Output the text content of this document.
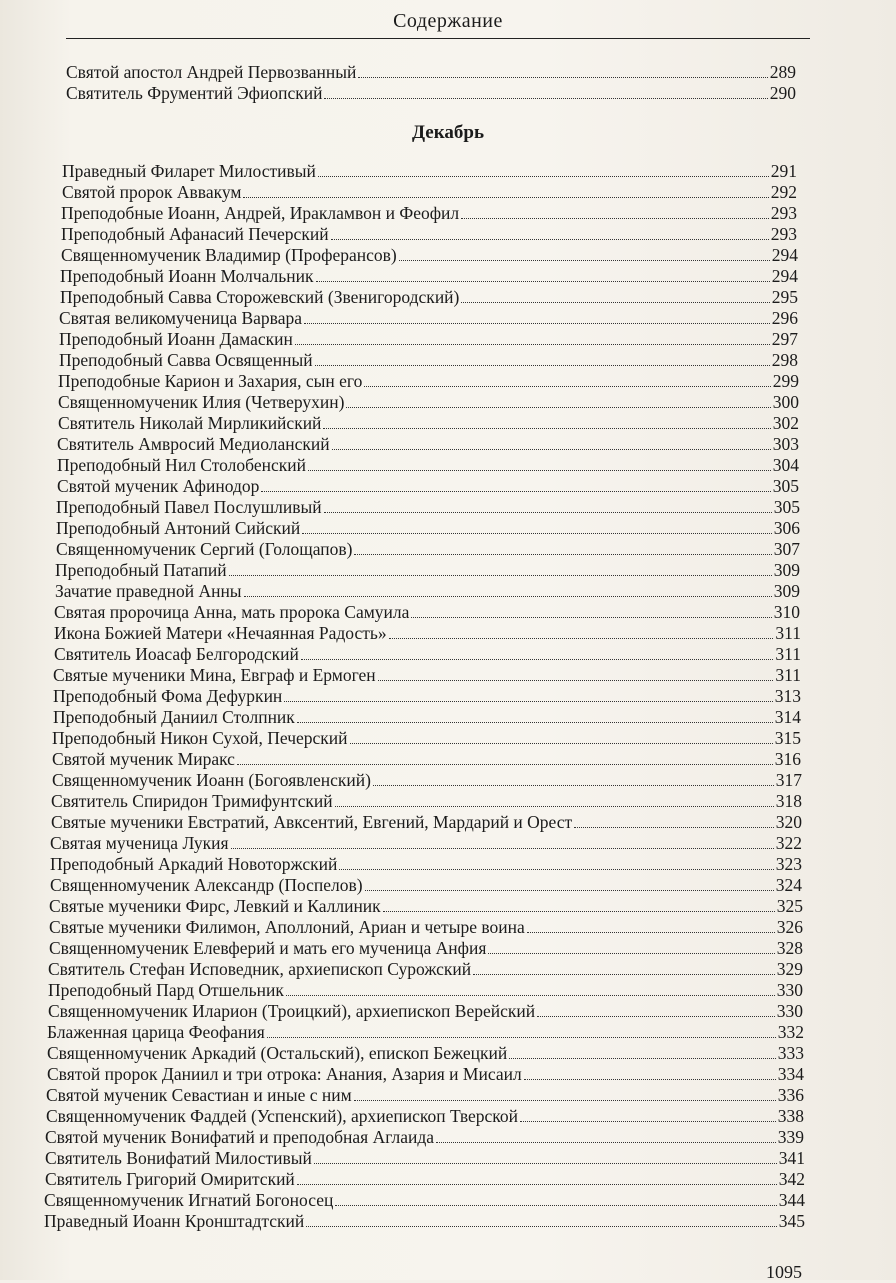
Содержание
Декабрь
Святой апостол Андрей Первозванный	289
Святитель Фрументий Эфиопский	290
Праведный Филарет Милостивый	291
Святой пророк Аввакум	292
Преподобные Иоанн, Андрей, Иракламвон и Феофил	293
Преподобный Афанасий Печерский	293
Священномученик Владимир (Проферансов)	294
Преподобный Иоанн Молчальник	294
Преподобный Савва Сторожевский (Звенигородский)	295
Святая великомученица Варвара	296
Преподобный Иоанн Дамаскин	297
Преподобный Савва Освященный	298
Преподобные Карион и Захария, сын его	299
Священномученик Илия (Четверухин)	300
Святитель Николай Мирликийский	302
Святитель Амвросий Медиоланский	303
Преподобный Нил Столобенский	304
Святой мученик Афинодор	305
Преподобный Павел Послушливый	305
Преподобный Антоний Сийский	306
Священномученик Сергий (Голощапов)	307
Преподобный Патапий	309
Зачатие праведной Анны	309
Святая пророчица Анна, мать пророка Самуила	310
Икона Божией Матери «Нечаянная Радость»	311
Святитель Иоасаф Белгородский	311
Святые мученики Мина, Евграф и Ермоген	311
Преподобный Фома Дефуркин	313
Преподобный Даниил Столпник	314
Преподобный Никон Сухой, Печерский	315
Святой мученик Миракс	316
Священномученик Иоанн (Богоявленский)	317
Святитель Спиридон Тримифунтский	318
Святые мученики Евстратий, Авксентий, Евгений, Мардарий и Орест	320
Святая мученица Лукия	322
Преподобный Аркадий Новоторжский	323
Священномученик Александр (Поспелов)	324
Святые мученики Фирс, Левкий и Каллиник	325
Святые мученики Филимон, Аполлоний, Ариан и четыре воина	326
Священномученик Елевферий и мать его мученица Анфия	328
Святитель Стефан Исповедник, архиепископ Сурожский	329
Преподобный Пард Отшельник	330
Священномученик Иларион (Троицкий), архиепископ Верейский	330
Блаженная царица Феофания	332
Священномученик Аркадий (Остальский), епископ Бежецкий	333
Святой пророк Даниил и три отрока: Анания, Азария и Мисаил	334
Святой мученик Севастиан и иные с ним	336
Священномученик Фаддей (Успенский), архиепископ Тверской	338
Святой мученик Вонифатий и преподобная Аглаида	339
Святитель Вонифатий Милостивый	341
Святитель Григорий Омиритский	342
Священномученик Игнатий Богоносец	344
Праведный Иоанн Кронштадтский	345
1095
